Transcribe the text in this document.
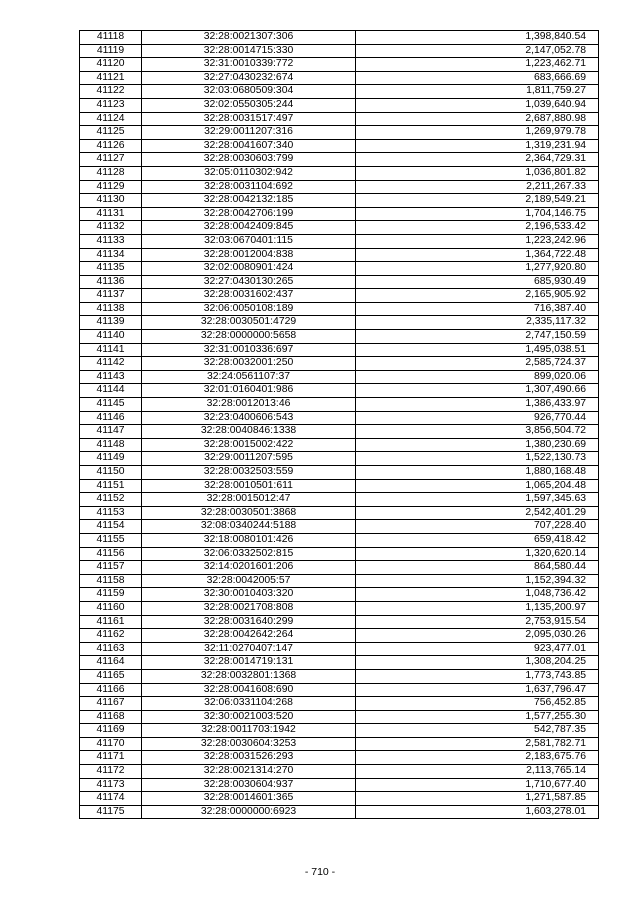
41118	32:28:0021307:306	1,398,840.54
41119	32:28:0014715:330	2,147,052.78
41120	32:31:0010339:772	1,223,462.71
41121	32:27:0430232:674	683,666.69
41122	32:03:0680509:304	1,811,759.27
41123	32:02:0550305:244	1,039,640.94
41124	32:28:0031517:497	2,687,880.98
41125	32:29:0011207:316	1,269,979.78
41126	32:28:0041607:340	1,319,231.94
41127	32:28:0030603:799	2,364,729.31
41128	32:05:0110302:942	1,036,801.82
41129	32:28:0031104:692	2,211,267.33
41130	32:28:0042132:185	2,189,549.21
41131	32:28:0042706:199	1,704,146.75
41132	32:28:0042409:845	2,196,533.42
41133	32:03:0670401:115	1,223,242.96
41134	32:28:0012004:838	1,364,722.48
41135	32:02:0080901:424	1,277,920.80
41136	32:27:0430130:265	685,930.49
41137	32:28:0031602:437	2,165,905.92
41138	32:06:0050108:189	716,387.40
41139	32:28:0030501:4729	2,335,117.32
41140	32:28:0000000:5658	2,747,150.59
41141	32:31:0010336:697	1,495,038.51
41142	32:28:0032001:250	2,585,724.37
41143	32:24:0561107:37	899,020.06
41144	32:01:0160401:986	1,307,490.66
41145	32:28:0012013:46	1,386,433.97
41146	32:23:0400606:543	926,770.44
41147	32:28:0040846:1338	3,856,504.72
41148	32:28:0015002:422	1,380,230.69
41149	32:29:0011207:595	1,522,130.73
41150	32:28:0032503:559	1,880,168.48
41151	32:28:0010501:611	1,065,204.48
41152	32:28:0015012:47	1,597,345.63
41153	32:28:0030501:3868	2,542,401.29
41154	32:08:0340244:5188	707,228.40
41155	32:18:0080101:426	659,418.42
41156	32:06:0332502:815	1,320,620.14
41157	32:14:0201601:206	864,580.44
41158	32:28:0042005:57	1,152,394.32
41159	32:30:0010403:320	1,048,736.42
41160	32:28:0021708:808	1,135,200.97
41161	32:28:0031640:299	2,753,915.54
41162	32:28:0042642:264	2,095,030.26
41163	32:11:0270407:147	923,477.01
41164	32:28:0014719:131	1,308,204.25
41165	32:28:0032801:1368	1,773,743.85
41166	32:28:0041608:690	1,637,796.47
41167	32:06:0331104:268	756,452.85
41168	32:30:0021003:520	1,577,255.30
41169	32:28:0011703:1942	542,787.35
41170	32:28:0030604:3253	2,581,782.71
41171	32:28:0031526:293	2,183,675.76
41172	32:28:0021314:270	2,113,765.14
41173	32:28:0030604:937	1,710,677.40
41174	32:28:0014601:365	1,271,587.85
41175	32:28:0000000:6923	1,603,278.01
- 710 -
